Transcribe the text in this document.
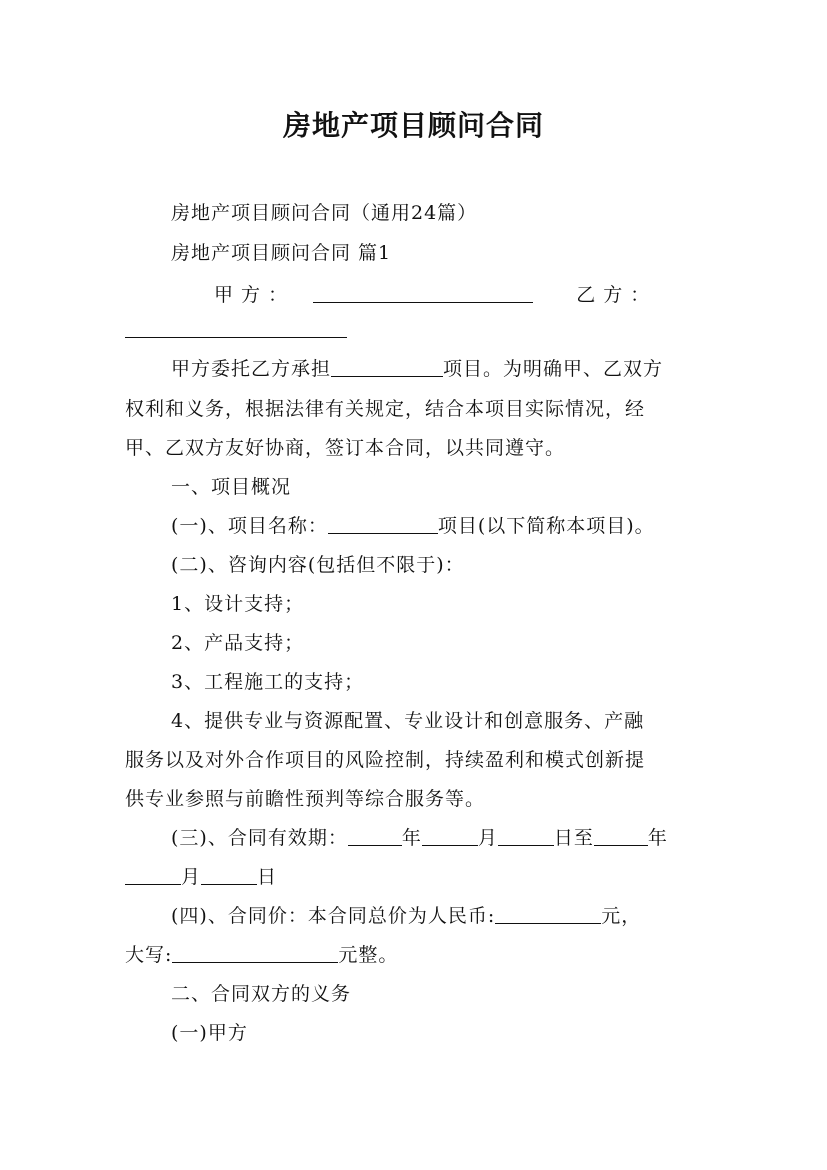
房地产项目顾问合同
房地产项目顾问合同（通用24篇）
房地产项目顾问合同 篇1
甲 方 ：	乙 方 ：
甲方委托乙方承担	项目。为明确甲、乙双方
权利和义务，根据法律有关规定，结合本项目实际情况，经
甲、乙双方友好协商，签订本合同，以共同遵守。
一、项目概况
(一)、项目名称：	项目(以下简称本项目)。
(二)、咨询内容(包括但不限于)：
1、设计支持；
2、产品支持；
3、工程施工的支持；
4、提供专业与资源配置、专业设计和创意服务、产融
服务以及对外合作项目的风险控制，持续盈利和模式创新提
供专业参照与前瞻性预判等综合服务等。
(三)、合同有效期：	年	月	日至	年
月	日
(四)、合同价：本合同总价为人民币:	元，
大写:	元整。
二、合同双方的义务
(一)甲方
